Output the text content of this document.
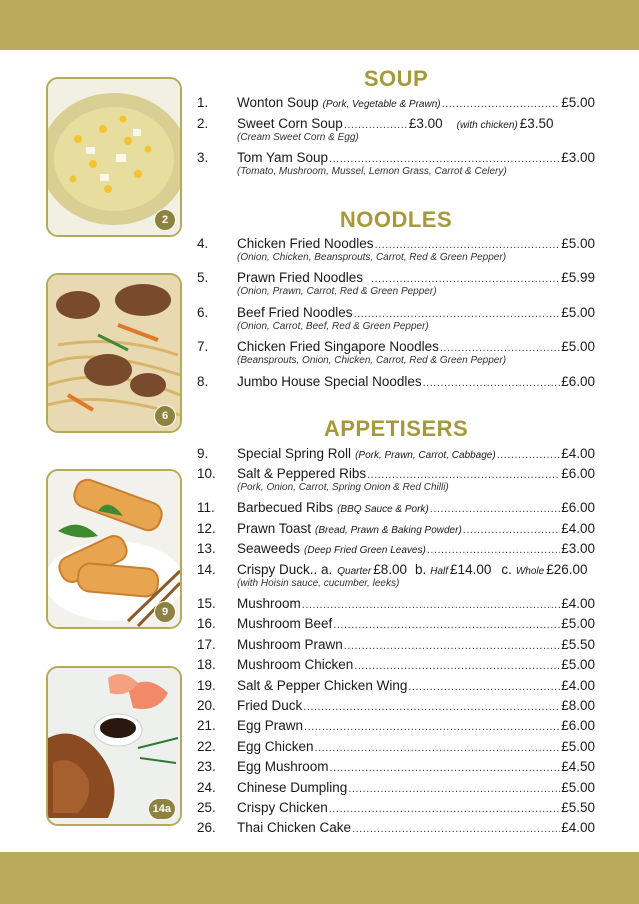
2
6
9
14a
SOUP
NOODLES
APPETISERS
1.	Wonton Soup (Pork, Vegetable & Prawn) .....	£5.00
2.	Sweet Corn Soup .....	£3.00 (with chicken) £3.50
(Cream Sweet Corn & Egg)
3.	Tom Yam Soup .....	£3.00
(Tomato, Mushroom, Mussel, Lemon Grass, Carrot & Celery)
4.	Chicken Fried Noodles .....	£5.00
(Onion, Chicken, Beansprouts, Carrot, Red & Green Pepper)
5.	Prawn Fried Noodles .....	£5.99
(Onion, Prawn, Carrot, Red & Green Pepper)
6.	Beef Fried Noodles .....	£5.00
(Onion, Carrot, Beef, Red & Green Pepper)
7.	Chicken Fried Singapore Noodles .....	£5.00
(Beansprouts, Onion, Chicken, Carrot, Red & Green Pepper)
8.	Jumbo House Special Noodles .....	£6.00
9.	Special Spring Roll (Pork, Prawn, Carrot, Cabbage) .....	£4.00
10.	Salt & Peppered Ribs .....	£6.00
(Pork, Onion, Carrot, Spring Onion & Red Chilli)
11.	Barbecued Ribs (BBQ Sauce & Pork) .....	£6.00
12.	Prawn Toast (Bread, Prawn & Baking Powder) .....	£4.00
13.	Seaweeds (Deep Fried Green Leaves) .....	£3.00
14.	Crispy Duck.. a. Quarter £8.00 b. Half £14.00 c. Whole £26.00
(with Hoisin sauce, cucumber, leeks)
15.	Mushroom .....	£4.00
16.	Mushroom Beef .....	£5.00
17.	Mushroom Prawn .....	£5.50
18.	Mushroom Chicken .....	£5.00
19.	Salt & Pepper Chicken Wing .....	£4.00
20.	Fried Duck .....	£8.00
21.	Egg Prawn .....	£6.00
22.	Egg Chicken .....	£5.00
23.	Egg Mushroom .....	£4.50
24.	Chinese Dumpling .....	£5.00
25.	Crispy Chicken .....	£5.50
26.	Thai Chicken Cake .....	£4.00
